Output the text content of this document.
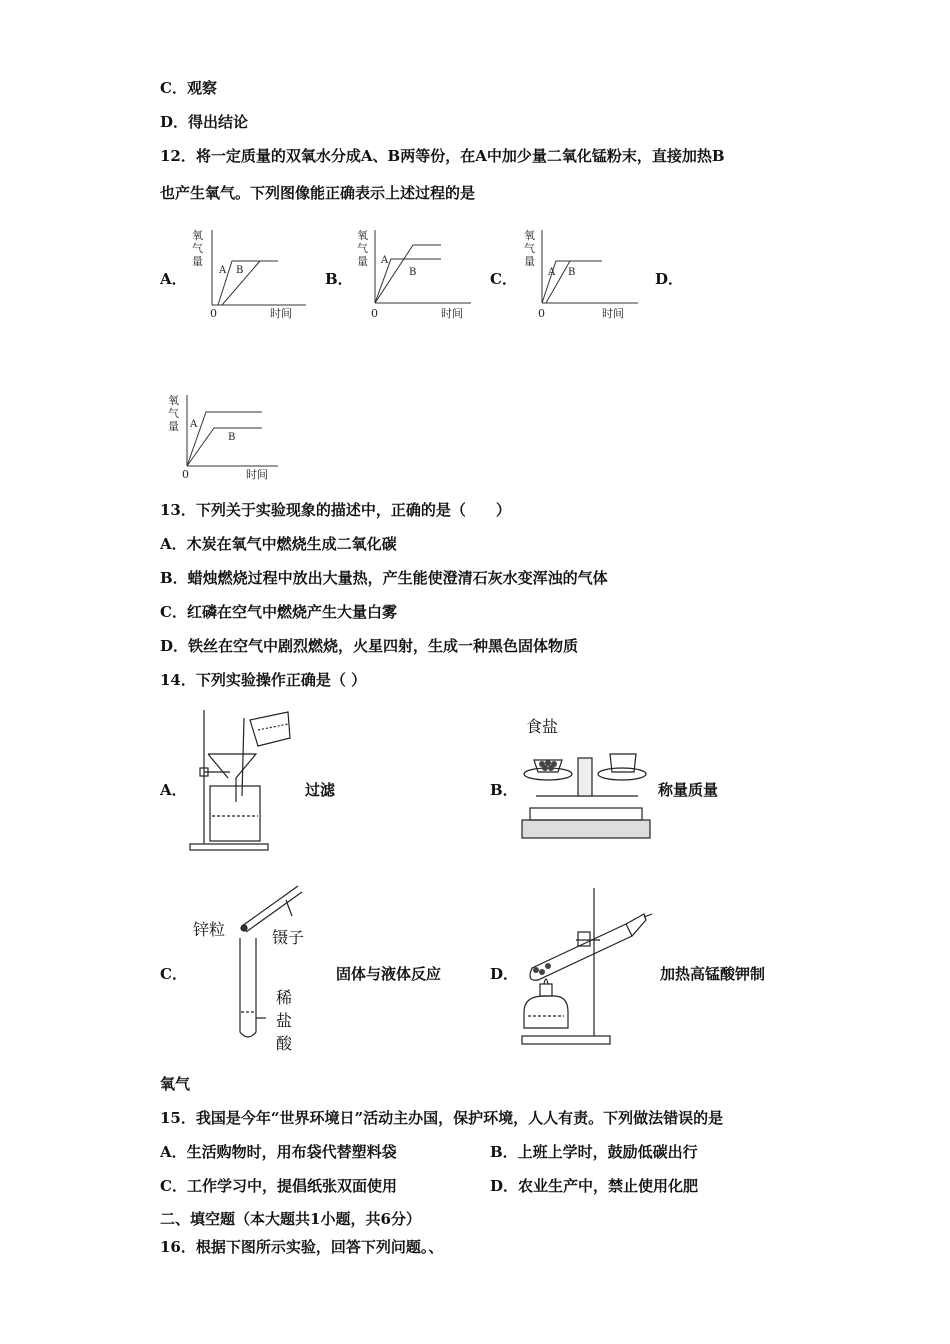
C．观察
D．得出结论
12．将一定质量的双氧水分成A、B两等份，在A中加少量二氧化锰粉末，直接加热B
也产生氧气。下列图像能正确表示上述过程的是
A．	B．	C．	D．
氧
气
量
0	时间
A B
氧
气
量
0	时间
A
B
氧
气
量
0	时间
A B
氧
气
量
0	时间
A
B
13．下列关于实验现象的描述中，正确的是（　　）
A．木炭在氧气中燃烧生成二氧化碳
B．蜡烛燃烧过程中放出大量热，产生能使澄清石灰水变浑浊的气体
C．红磷在空气中燃烧产生大量白雾
D．铁丝在空气中剧烈燃烧，火星四射，生成一种黑色固体物质
14．下列实验操作正确是（ ）
A．	过滤	B．
食盐
称量质量
C．
锌粒	镊子
稀
盐
酸
固体与液体反应	D．	加热高锰酸钾制
氧气
15．我国是今年“世界环境日”活动主办国，保护环境，人人有责。下列做法错误的是
A．生活购物时，用布袋代替塑料袋	B．上班上学时，鼓励低碳出行
C．工作学习中，提倡纸张双面使用	D．农业生产中，禁止使用化肥
二、填空题（本大题共1小题，共6分）
16．根据下图所示实验，回答下列问题。、
